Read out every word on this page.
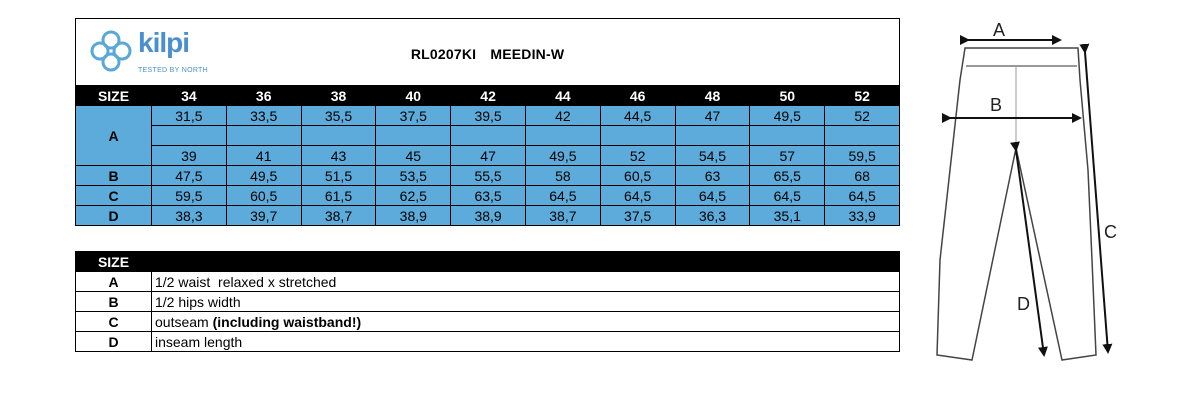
kilpi
TESTED BY NORTH
RL0207KI MEEDIN-W										

SIZE	34	36	38	40	42	44	46	48	50	52
A	31,5	33,5	35,5	37,5	39,5	42	44,5	47	49,5	52

	39	41	43	45	47	49,5	52	54,5	57	59,5
B	47,5	49,5	51,5	53,5	55,5	58	60,5	63	65,5	68
C	59,5	60,5	61,5	62,5	63,5	64,5	64,5	64,5	64,5	64,5
D	38,3	39,7	38,7	38,9	38,9	38,7	37,5	36,3	35,1	33,9
SIZE	
A	1/2 waist  relaxed x stretched
B	1/2 hips width
C	outseam (including waistband!)
D	inseam length
A
B
C
D
